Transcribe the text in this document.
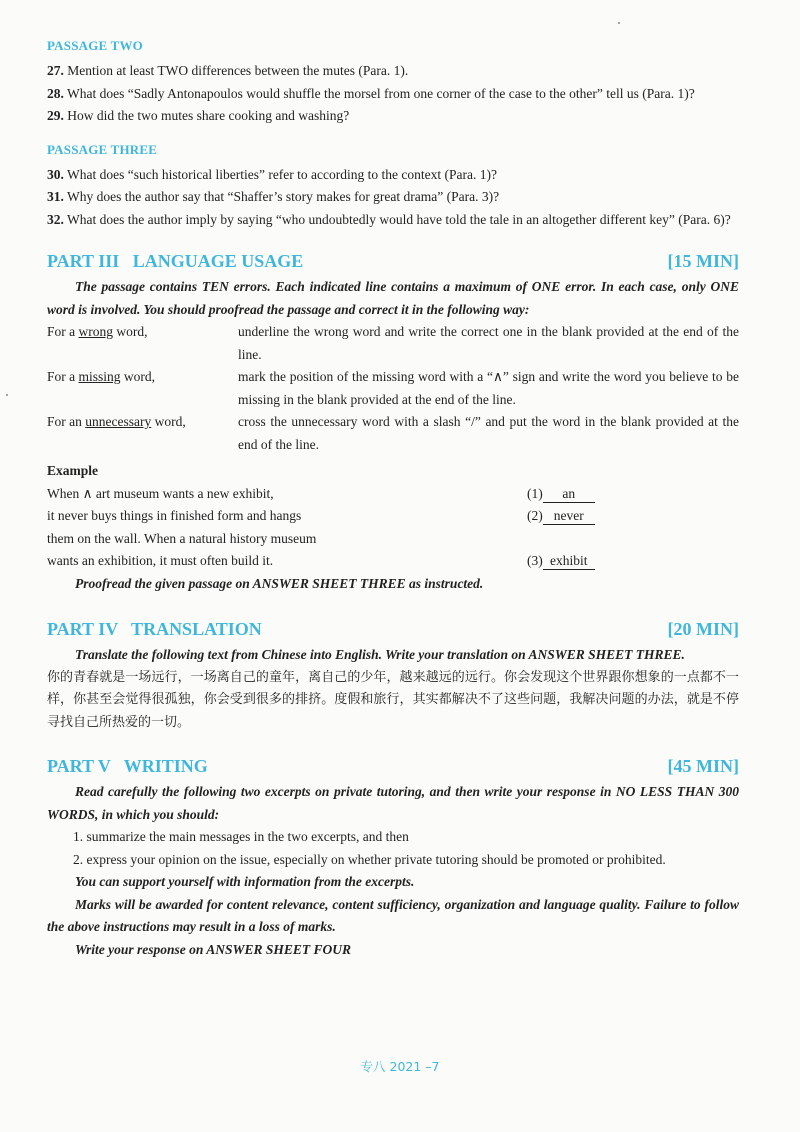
PASSAGE TWO

27. Mention at least TWO differences between the mutes (Para. 1).

28. What does “Sadly Antonapoulos would shuffle the morsel from one corner of the case to the other” tell us (Para. 1)?

29. How did the two mutes share cooking and washing?

PASSAGE THREE

30. What does “such historical liberties” refer to according to the context (Para. 1)?

31. Why does the author say that “Shaffer’s story makes for great drama” (Para. 3)?

32. What does the author imply by saying “who undoubtedly would have told the tale in an altogether different key” (Para. 6)?

PART III   LANGUAGE USAGE	[15 MIN]

The passage contains TEN errors. Each indicated line contains a maximum of ONE error. In each case, only ONE word is involved. You should proofread the passage and correct it in the following way:

For a wrong word,	underline the wrong word and write the correct one in the blank provided at the end of the line.
For a missing word,	mark the position of the missing word with a “∧” sign and write the word you believe to be missing in the blank provided at the end of the line.
For an unnecessary word,	cross the unnecessary word with a slash “/” and put the word in the blank provided at the end of the line.
Example
When ∧ art museum wants a new exhibit,	(1) an
it never buys things in finished form and hangs	(2) never
them on the wall. When a natural history museum
wants an exhibition, it must often build it.	(3) exhibit

Proofread the given passage on ANSWER SHEET THREE as instructed.

PART IV   TRANSLATION	[20 MIN]

Translate the following text from Chinese into English. Write your translation on ANSWER SHEET THREE.

你的青春就是一场远行，一场离自己的童年，离自己的少年，越来越远的远行。你会发现这个世界跟你想象的一点都不一样，你甚至会觉得很孤独，你会受到很多的排挤。度假和旅行，其实都解决不了这些问题，我解决问题的办法，就是不停寻找自己所热爱的一切。

PART V   WRITING	[45 MIN]

Read carefully the following two excerpts on private tutoring, and then write your response in NO LESS THAN 300 WORDS, in which you should:

1. summarize the main messages in the two excerpts, and then

2. express your opinion on the issue, especially on whether private tutoring should be promoted or prohibited.

You can support yourself with information from the excerpts.

Marks will be awarded for content relevance, content sufficiency, organization and language quality. Failure to follow the above instructions may result in a loss of marks.

Write your response on ANSWER SHEET FOUR

专八 2021 –7
